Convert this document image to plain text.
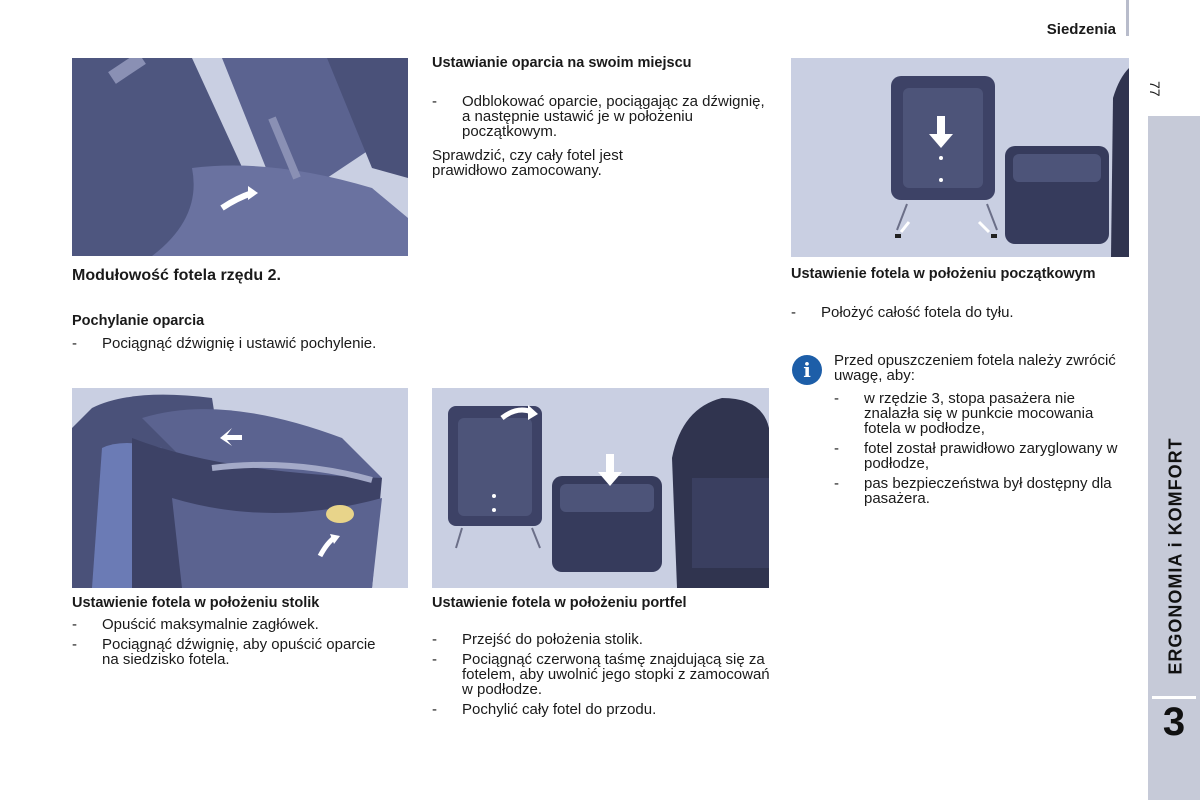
Siedzenia
77
ERGONOMIA i KOMFORT
3
Modułowość fotela rzędu 2.
Pochylanie oparcia
- Pociągnąć dźwignię i ustawić pochylenie.
Ustawienie fotela w położeniu stolik
- Opuścić maksymalnie zagłówek.
- Pociągnąć dźwignię, aby opuścić oparcie na siedzisko fotela.
Ustawianie oparcia na swoim miejscu
- Odblokować oparcie, pociągając za dźwignię, a następnie ustawić je w położeniu początkowym.
Sprawdzić, czy cały fotel jest prawidłowo zamocowany.
Ustawienie fotela w położeniu portfel
- Przejść do położenia stolik.
- Pociągnąć czerwoną taśmę znajdującą się za fotelem, aby uwolnić jego stopki z zamocowań w podłodze.
- Pochylić cały fotel do przodu.
Ustawienie fotela w położeniu początkowym
- Położyć całość fotela do tyłu.
i	Przed opuszczeniem fotela należy zwrócić uwagę, aby:
- w rzędzie 3, stopa pasażera nie znalazła się w punkcie mocowania fotela w podłodze,
- fotel został prawidłowo zaryglowany w podłodze,
- pas bezpieczeństwa był dostępny dla pasażera.
